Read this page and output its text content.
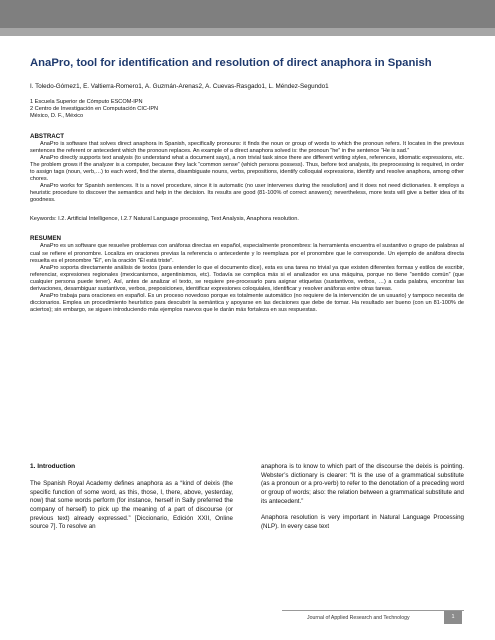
AnaPro, tool for identification and resolution of direct anaphora in Spanish
I. Toledo-Gómez1, E. Valtierra-Romero1, A. Guzmán-Arenas2, A. Cuevas-Rasgado1, L. Méndez-Segundo1
1 Escuela Superior de Cómputo ESCOM-IPN
2 Centro de Investigación en Computación CIC-IPN
México, D. F., México
ABSTRACT

AnaPro is software that solves direct anaphora in Spanish, specifically pronouns: it finds the noun or group of words to which the pronoun refers. It locates in the previous sentences the referent or antecedent which the pronoun replaces. An example of a direct anaphora solved is: the pronoun “he” in the sentence “He is sad.”

AnaPro directly supports text analysis (to understand what a document says), a non trivial task since there are different writing styles, references, idiomatic expressions, etc. The problem grows if the analyzer is a computer, because they lack “common sense” (which persons possess). Thus, before text analysis, its preprocessing is required, in order to assign tags (noun, verb,…) to each word, find the stems, disambiguate nouns, verbs, prepositions, identify colloquial expressions, identify and resolve anaphora, among other chores.

AnaPro works for Spanish sentences. It is a novel procedure, since it is automatic (no user intervenes during the resolution) and it does not need dictionaries. It employs a heuristic procedure to discover the semantics and help in the decision. Its results are good (81-100% of correct answers); nevertheless, more tests will give a better idea of its goodness.

Keywords: I.2. Artificial Intelligence, I.2.7 Natural Language processing, Text Analysis, Anaphora resolution.
RESUMEN

AnaPro es un software que resuelve problemas con anáforas directas en español, especialmente pronombres: la herramienta encuentra el sustantivo o grupo de palabras al cual se refiere el pronombre. Localiza en oraciones previas la referencia o antecedente y lo reemplaza por el pronombre que le corresponde. Un ejemplo de anáfora directa resuelta es el pronombre “Él”, en la oración “Él está triste”.

AnaPro soporta directamente análisis de textos (para entender lo que el documento dice), esta es una tarea no trivial ya que existen diferentes formas y estilos de escribir, referenciar, expresiones regionales (mexicanismos, argentinismos, etc). Todavía se complica más si el analizador es una máquina, porque no tiene “sentido común” (que cualquier persona puede tener). Así, antes de analizar el texto, se requiere pre-procesarlo para asignar etiquetas (sustantivos, verbos, …) a cada palabra, encontrar las derivaciones, desambiguar sustantivos, verbos, preposiciones, identificar expresiones coloquiales, identificar y resolver anáforas entre otras tareas.

AnaPro trabaja para oraciones en español. Es un proceso novedoso porque es totalmente automático (no requiere de la intervención de un usuario) y tampoco necesita de diccionarios. Emplea un procedimiento heurístico para descubrir la semántica y apoyarse en las decisiones que debe de tomar. Ha resultado ser bueno (con un 81-100% de aciertos); sin embargo, se siguen introduciendo más ejemplos nuevos que le darán más fortaleza en sus respuestas.

1. Introduction

The Spanish Royal Academy defines anaphora as a “kind of deixis (the specific function of some word, as this, those, I, there, above, yesterday, now) that some words perform (for instance, herself in Sally preferred the company of herself) to pick up the meaning of a part of discourse (or previous text) already expressed.” [Diccionario, Edición XXII, Online source 7]. To resolve an

anaphora is to know to which part of the discourse the deixis is pointing. Webster’s dictionary is clearer: “It is the use of a grammatical substitute (as a pronoun or a pro-verb) to refer to the denotation of a preceding word or group of words; also: the relation between a grammatical substitute and its antecedent.”

Anaphora resolution is very important in Natural Language Processing (NLP). In every case text

Journal of Applied Research and Technology	1
